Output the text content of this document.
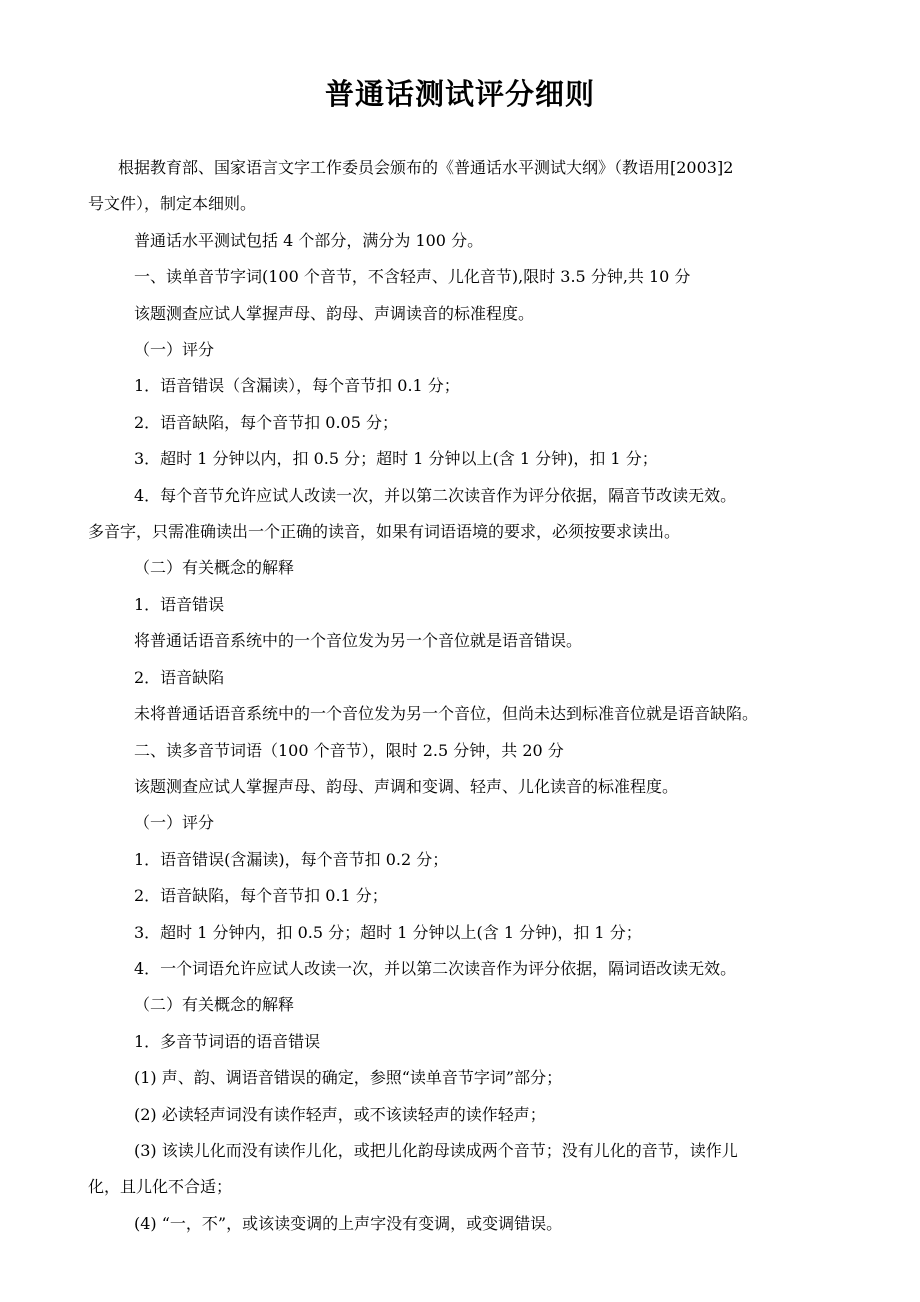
普通话测试评分细则

根据教育部、国家语言文字工作委员会颁布的《普通话水平测试大纲》（教语用[2003]2

号文件），制定本细则。

普通话水平测试包括 4 个部分，满分为 100 分。

一、读单音节字词(100 个音节，不含轻声、儿化音节),限时 3.5 分钟,共 10 分

该题测查应试人掌握声母、韵母、声调读音的标准程度。

（一）评分

1．语音错误（含漏读），每个音节扣 0.1 分；

2．语音缺陷，每个音节扣 0.05 分；

3．超时 1 分钟以内，扣 0.5 分；超时 1 分钟以上(含 1 分钟)，扣 1 分；

4．每个音节允许应试人改读一次，并以第二次读音作为评分依据，隔音节改读无效。

多音字，只需准确读出一个正确的读音，如果有词语语境的要求，必须按要求读出。

（二）有关概念的解释

1．语音错误

将普通话语音系统中的一个音位发为另一个音位就是语音错误。

2．语音缺陷

未将普通话语音系统中的一个音位发为另一个音位，但尚未达到标准音位就是语音缺陷。

二、读多音节词语（100 个音节），限时 2.5 分钟，共 20 分

该题测查应试人掌握声母、韵母、声调和变调、轻声、儿化读音的标准程度。

（一）评分

1．语音错误(含漏读)，每个音节扣 0.2 分；

2．语音缺陷，每个音节扣 0.1 分；

3．超时 1 分钟内，扣 0.5 分；超时 1 分钟以上(含 1 分钟)，扣 1 分；

4．一个词语允许应试人改读一次，并以第二次读音作为评分依据，隔词语改读无效。

（二）有关概念的解释

1．多音节词语的语音错误

(1) 声、韵、调语音错误的确定，参照“读单音节字词”部分；

(2) 必读轻声词没有读作轻声，或不该读轻声的读作轻声；

(3) 该读儿化而没有读作儿化，或把儿化韵母读成两个音节；没有儿化的音节，读作儿

化，且儿化不合适；

(4) “一，不”，或该读变调的上声字没有变调，或变调错误。
